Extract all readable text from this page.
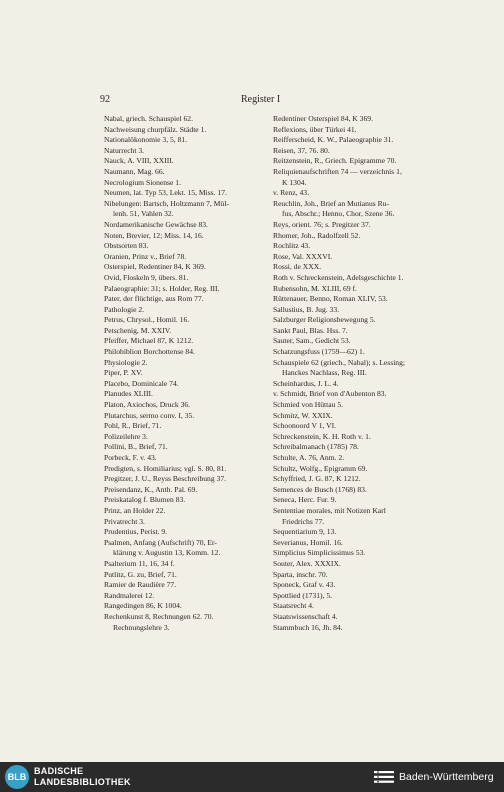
92	Register I
Nabal, griech. Schauspiel 62.
Nachweisung churpfälz. Städte 1.
Nationalökonomie 3, 5, 81.
Naturrecht 3.
Nauck, A. VIII, XXIII.
Naumann, Mag. 66.
Necrologium Sionense 1.
Neumen, lat. Typ 53, Lekt. 15, Miss. 17.
Nibelungen: Bartsch, Holtzmann 7, Mül-
lenh. 51, Vahlen 32.
Nordamerikanische Gewächse 83.
Noten, Brevier, 12; Miss. 14, 16.
Obstsorten 83.
Oranien, Prinz v., Brief 78.
Osterspiel, Redentiner 84, K 369.
Ovid, Floskeln 9, übers. 81.
Palaeographie: 31; s. Holder, Reg. III.
Pater, der flüchtige, aus Rom 77.
Pathologie 2.
Petrus, Chrysol., Homil. 16.
Petschenig, M. XXIV.
Pfeiffer, Michael 87, K 1212.
Philobiblion Borchottense 84.
Physiologie 2.
Piper, P. XV.
Placebo, Dominicale 74.
Planudes XLIII.
Platon, Axiochos, Druck 36.
Plutarchus, sermo conv. I, 35.
Pohl, R., Brief, 71.
Polizeilehre 3.
Pollini, B., Brief, 71.
Porbeck, F. v. 43.
Predigten, s. Homiliarius; vgl. S. 80, 81.
Pregitzer, J. U., Reyss Beschreibung 37.
Preisendanz, K., Anth. Pal. 69.
Preiskatalog f. Blumen 83.
Prinz, an Holder 22.
Privatrecht 3.
Prudentius, Perist. 9.
Psalmen, Anfang (Aufschrift) 70, Er-
klärung v. Augustin 13, Komm. 12.
Psalterium 11, 16, 34 f.
Putlitz, G. zu, Brief, 71.
Ramier de Raudière 77.
Randmalerei 12.
Rangedingen 86, K 1004.
Rechenkunst 8, Rechnungen 62. 70.
Rechnungslehre 3.
Redentiner Osterspiel 84, K 369.
Reflexions, über Türkei 41.
Reifferscheid, K. W., Palaeographie 31.
Reisen, 37, 76. 80.
Reitzenstein, R., Griech. Epigramme 70.
Reliquienaufschriften 74 — verzeichnis 1,
K 1304.
v. Renz, 43.
Reuchlin, Joh., Brief an Mutianus Ru-
fus, Abschr.; Henno, Chor, Szene 36.
Reys, orient. 76; s. Pregitzer 37.
Rhomer, Joh., Radolfzell 52.
Rochlitz 43.
Rose, Val. XXXVI.
Rossi, de XXX.
Roth v. Schreckenstein, Adelsgeschichte 1.
Rubensohn, M. XLIII, 69 f.
Rüttenauer, Benno, Roman XLIV, 53.
Sallustius, B. Jug. 33.
Salzburger Religionsbewegung 5.
Sankt Paul, Blas. Hss. 7.
Sauter, Sam., Gedicht 53.
Schatzungsfuss (1759—62) 1.
Schauspiele 62 (griech., Nabal); s. Lessing;
Hanckes Nachlass, Reg. III.
Scheinhardus, J. L. 4.
v. Schmidt, Brief von d'Aubenton 83.
Schmied von Hüttau 5.
Schmitz, W. XXIX.
Schoonoord V 1, VI.
Schreckenstein, K. H. Roth v. 1.
Schreibalmanach (1785) 78.
Schulte, A. 76, Anm. 2.
Schultz, Wolfg., Epigramm 69.
Schyffried, J. G. 87, K 1212.
Semences de Busch (1768) 83.
Seneca, Herc. Fur. 9.
Sententiae morales, mit Notizen Karl
Friedrichs 77.
Sequentiarium 9, 13.
Severianus, Homil. 16.
Simplicius Simplicissimus 53.
Souter, Alex. XXXIX.
Sparta, inschr. 70.
Sponeck, Graf v. 43.
Spottlied (1731), 5.
Staatsrecht 4.
Staatswissenschaft 4.
Stammbuch 16, Jh. 84.
BLB
BADISCHE
LANDESBIBLIOTHEK	Baden-Württemberg
